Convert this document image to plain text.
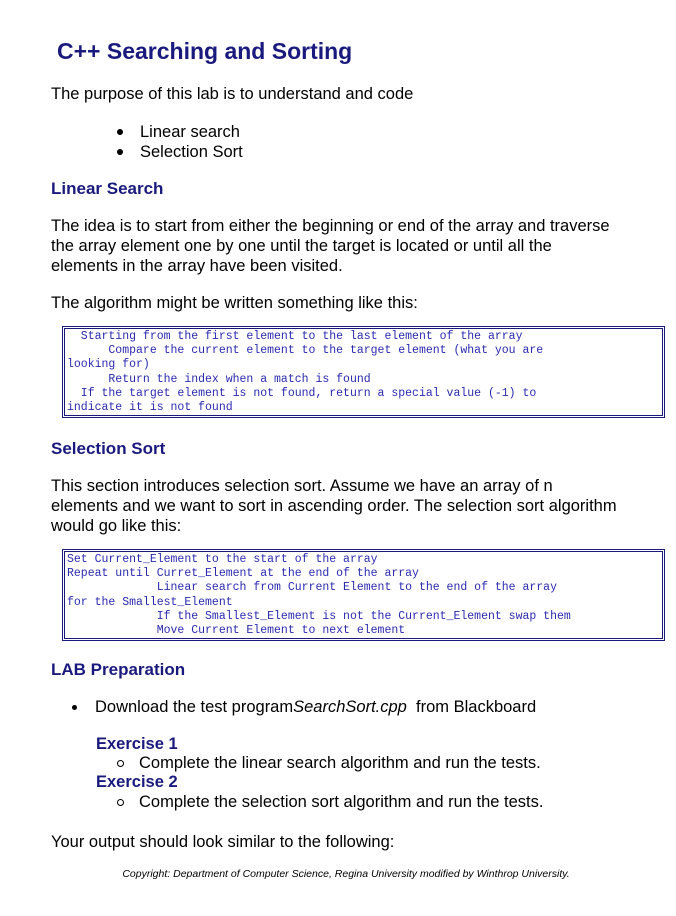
C++ Searching and Sorting
The purpose of this lab is to understand and code
Linear search
Selection Sort
Linear Search
The idea is to start from either the beginning or end of the array and traverse
the array element one by one until the target is located or until all the
elements in the array have been visited.
The algorithm might be written something like this:
Starting from the first element to the last element of the array
Compare the current element to the target element (what you are
looking for)
Return the index when a match is found
If the target element is not found, return a special value (-1) to
indicate it is not found
Selection Sort
This section introduces selection sort. Assume we have an array of n
elements and we want to sort in ascending order. The selection sort algorithm
would go like this:
Set Current_Element to the start of the array
Repeat until Curret_Element at the end of the array
Linear search from Current Element to the end of the array
for the Smallest_Element
If the Smallest_Element is not the Current_Element swap them
Move Current Element to next element
LAB Preparation
Download the test program SearchSort.cpp from Blackboard
Exercise 1
Complete the linear search algorithm and run the tests.
Exercise 2
Complete the selection sort algorithm and run the tests.
Your output should look similar to the following:
Copyright: Department of Computer Science, Regina University modified by Winthrop University.
